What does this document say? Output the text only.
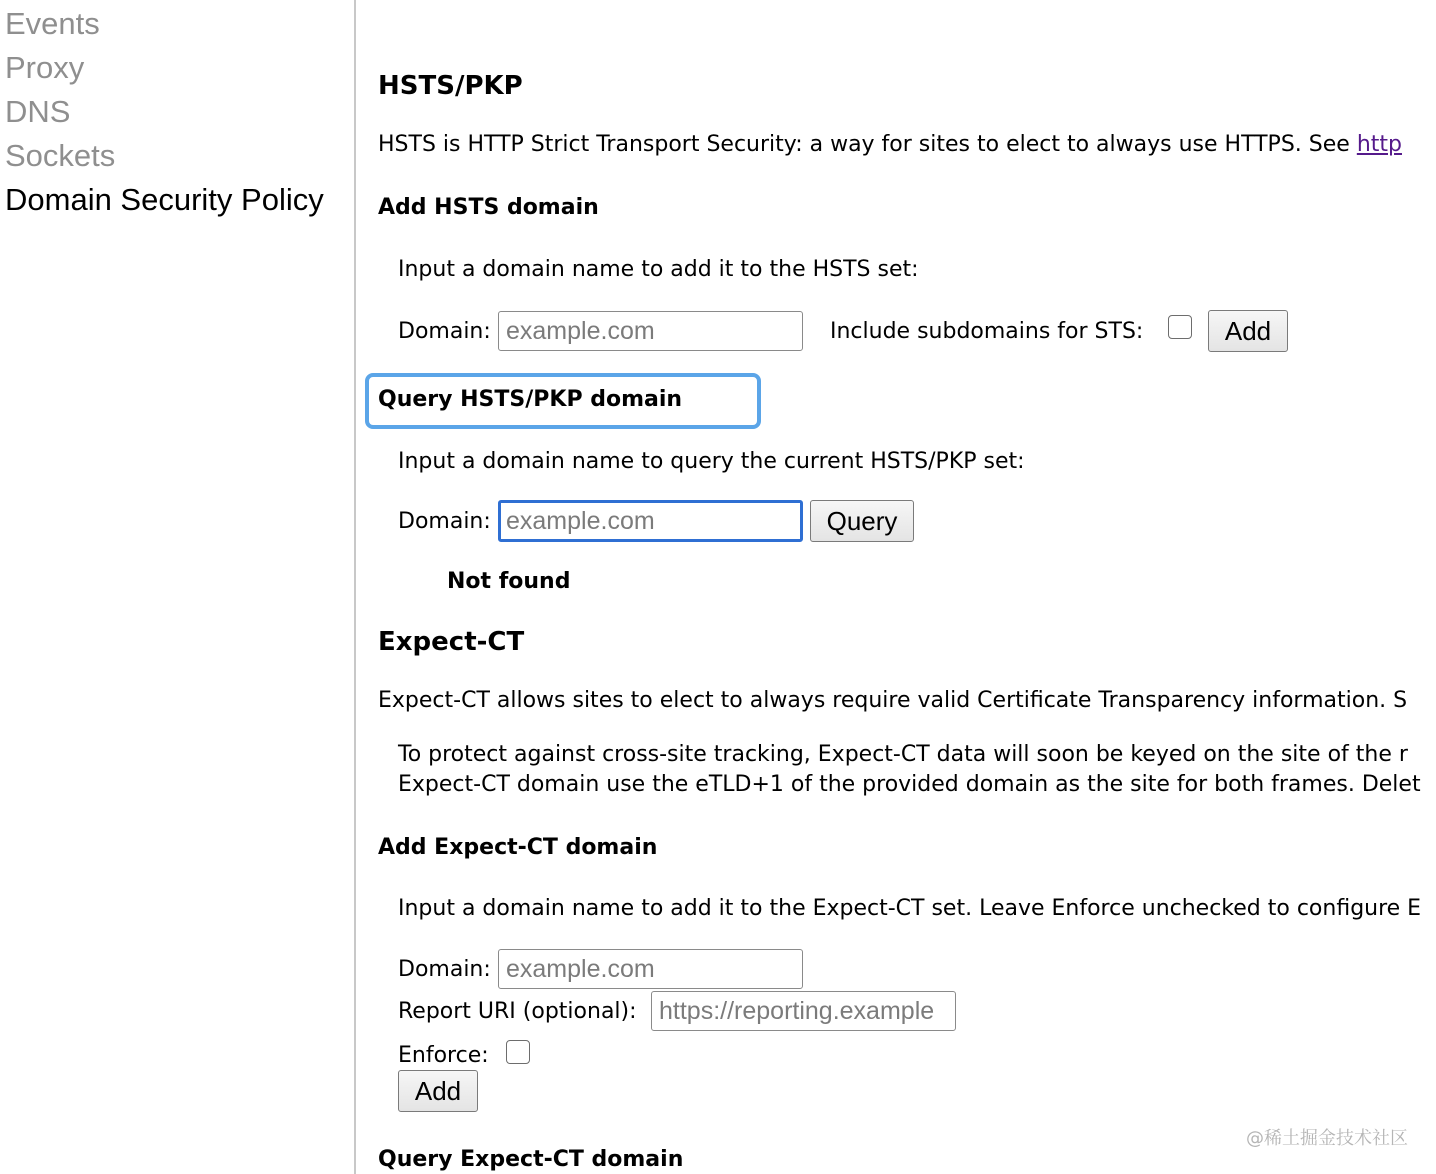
Events
Proxy
DNS
Sockets
Domain Security Policy
HSTS/PKP
HSTS is HTTP Strict Transport Security: a way for sites to elect to always use HTTPS. See http
Add HSTS domain
Input a domain name to add it to the HSTS set:
Domain:
example.com	Include subdomains for STS:	Add
Query HSTS/PKP domain
Input a domain name to query the current HSTS/PKP set:
Domain:
example.com	Query
Not found
Expect-CT
Expect-CT allows sites to elect to always require valid Certificate Transparency information. S
To protect against cross-site tracking, Expect-CT data will soon be keyed on the site of the r
Expect-CT domain use the eTLD+1 of the provided domain as the site for both frames. Delet
Add Expect-CT domain
Input a domain name to add it to the Expect-CT set. Leave Enforce unchecked to configure E
Domain:
example.com
Report URI (optional):
https://reporting.example
Enforce:
Add
Query Expect-CT domain
@稀土掘金技术社区
